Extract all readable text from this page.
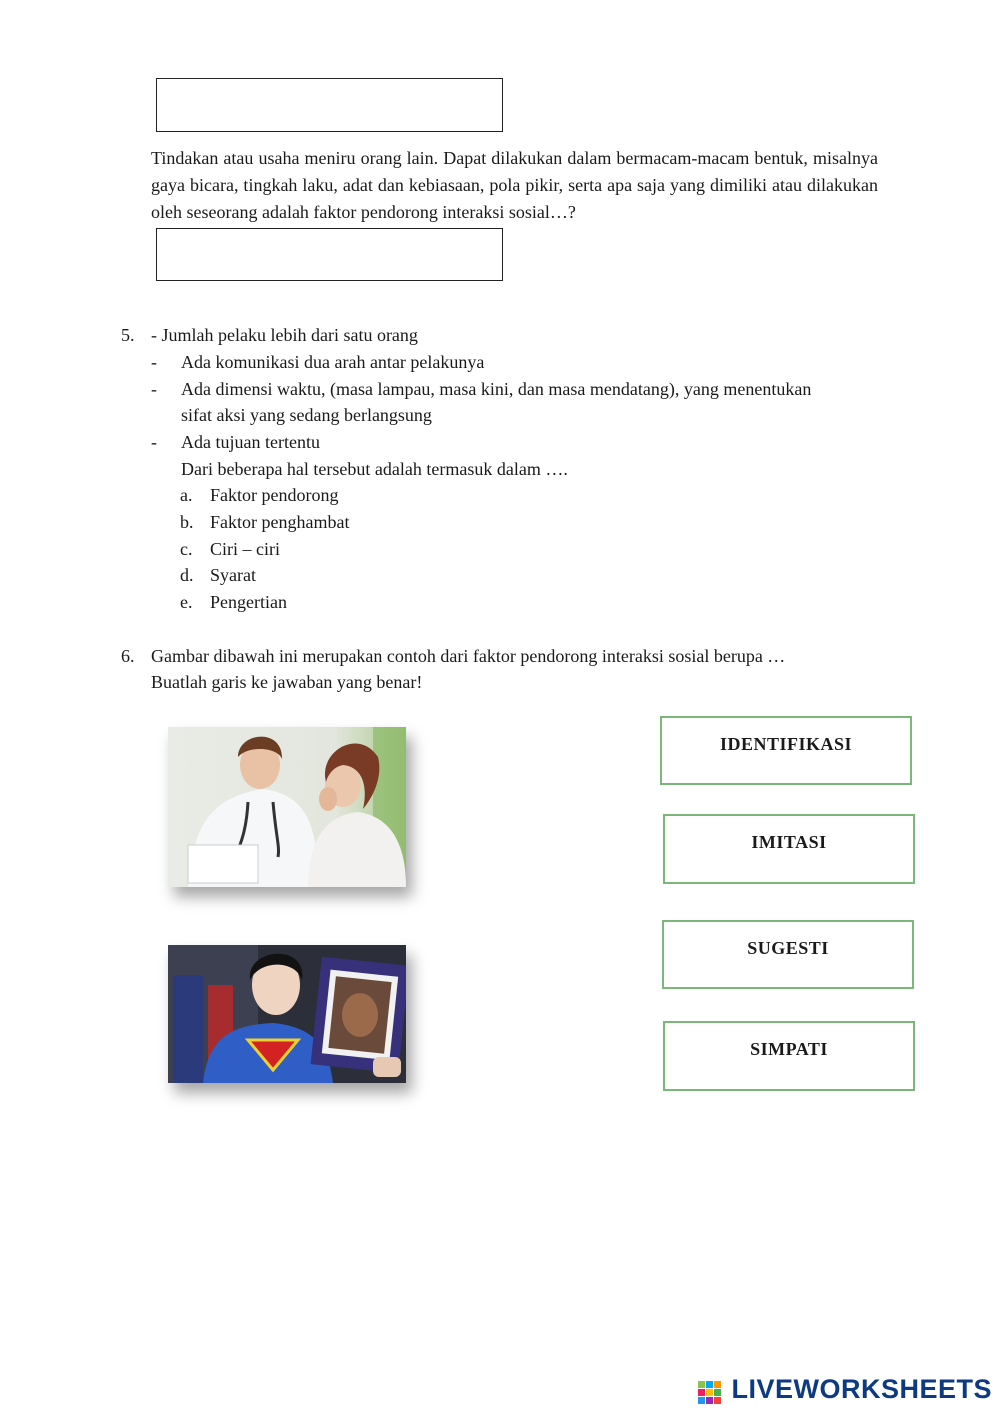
Tindakan atau usaha meniru orang lain. Dapat dilakukan dalam bermacam-macam bentuk, misalnya gaya bicara, tingkah laku, adat dan kebiasaan, pola pikir, serta apa saja yang dimiliki atau dilakukan oleh seseorang adalah faktor pendorong interaksi sosial…?
5. - Jumlah pelaku lebih dari satu orang
- Ada komunikasi dua arah antar pelakunya
- Ada dimensi waktu, (masa lampau, masa kini, dan masa mendatang), yang menentukan
sifat aksi yang sedang berlangsung
- Ada tujuan tertentu
Dari beberapa hal tersebut adalah termasuk dalam ….
a. Faktor pendorong
b. Faktor penghambat
c. Ciri – ciri
d. Syarat
e. Pengertian
6. Gambar dibawah ini merupakan contoh dari faktor pendorong interaksi sosial berupa …
Buatlah garis ke jawaban yang benar!
IDENTIFIKASI
IMITASI
SUGESTI
SIMPATI
LIVEWORKSHEETS
